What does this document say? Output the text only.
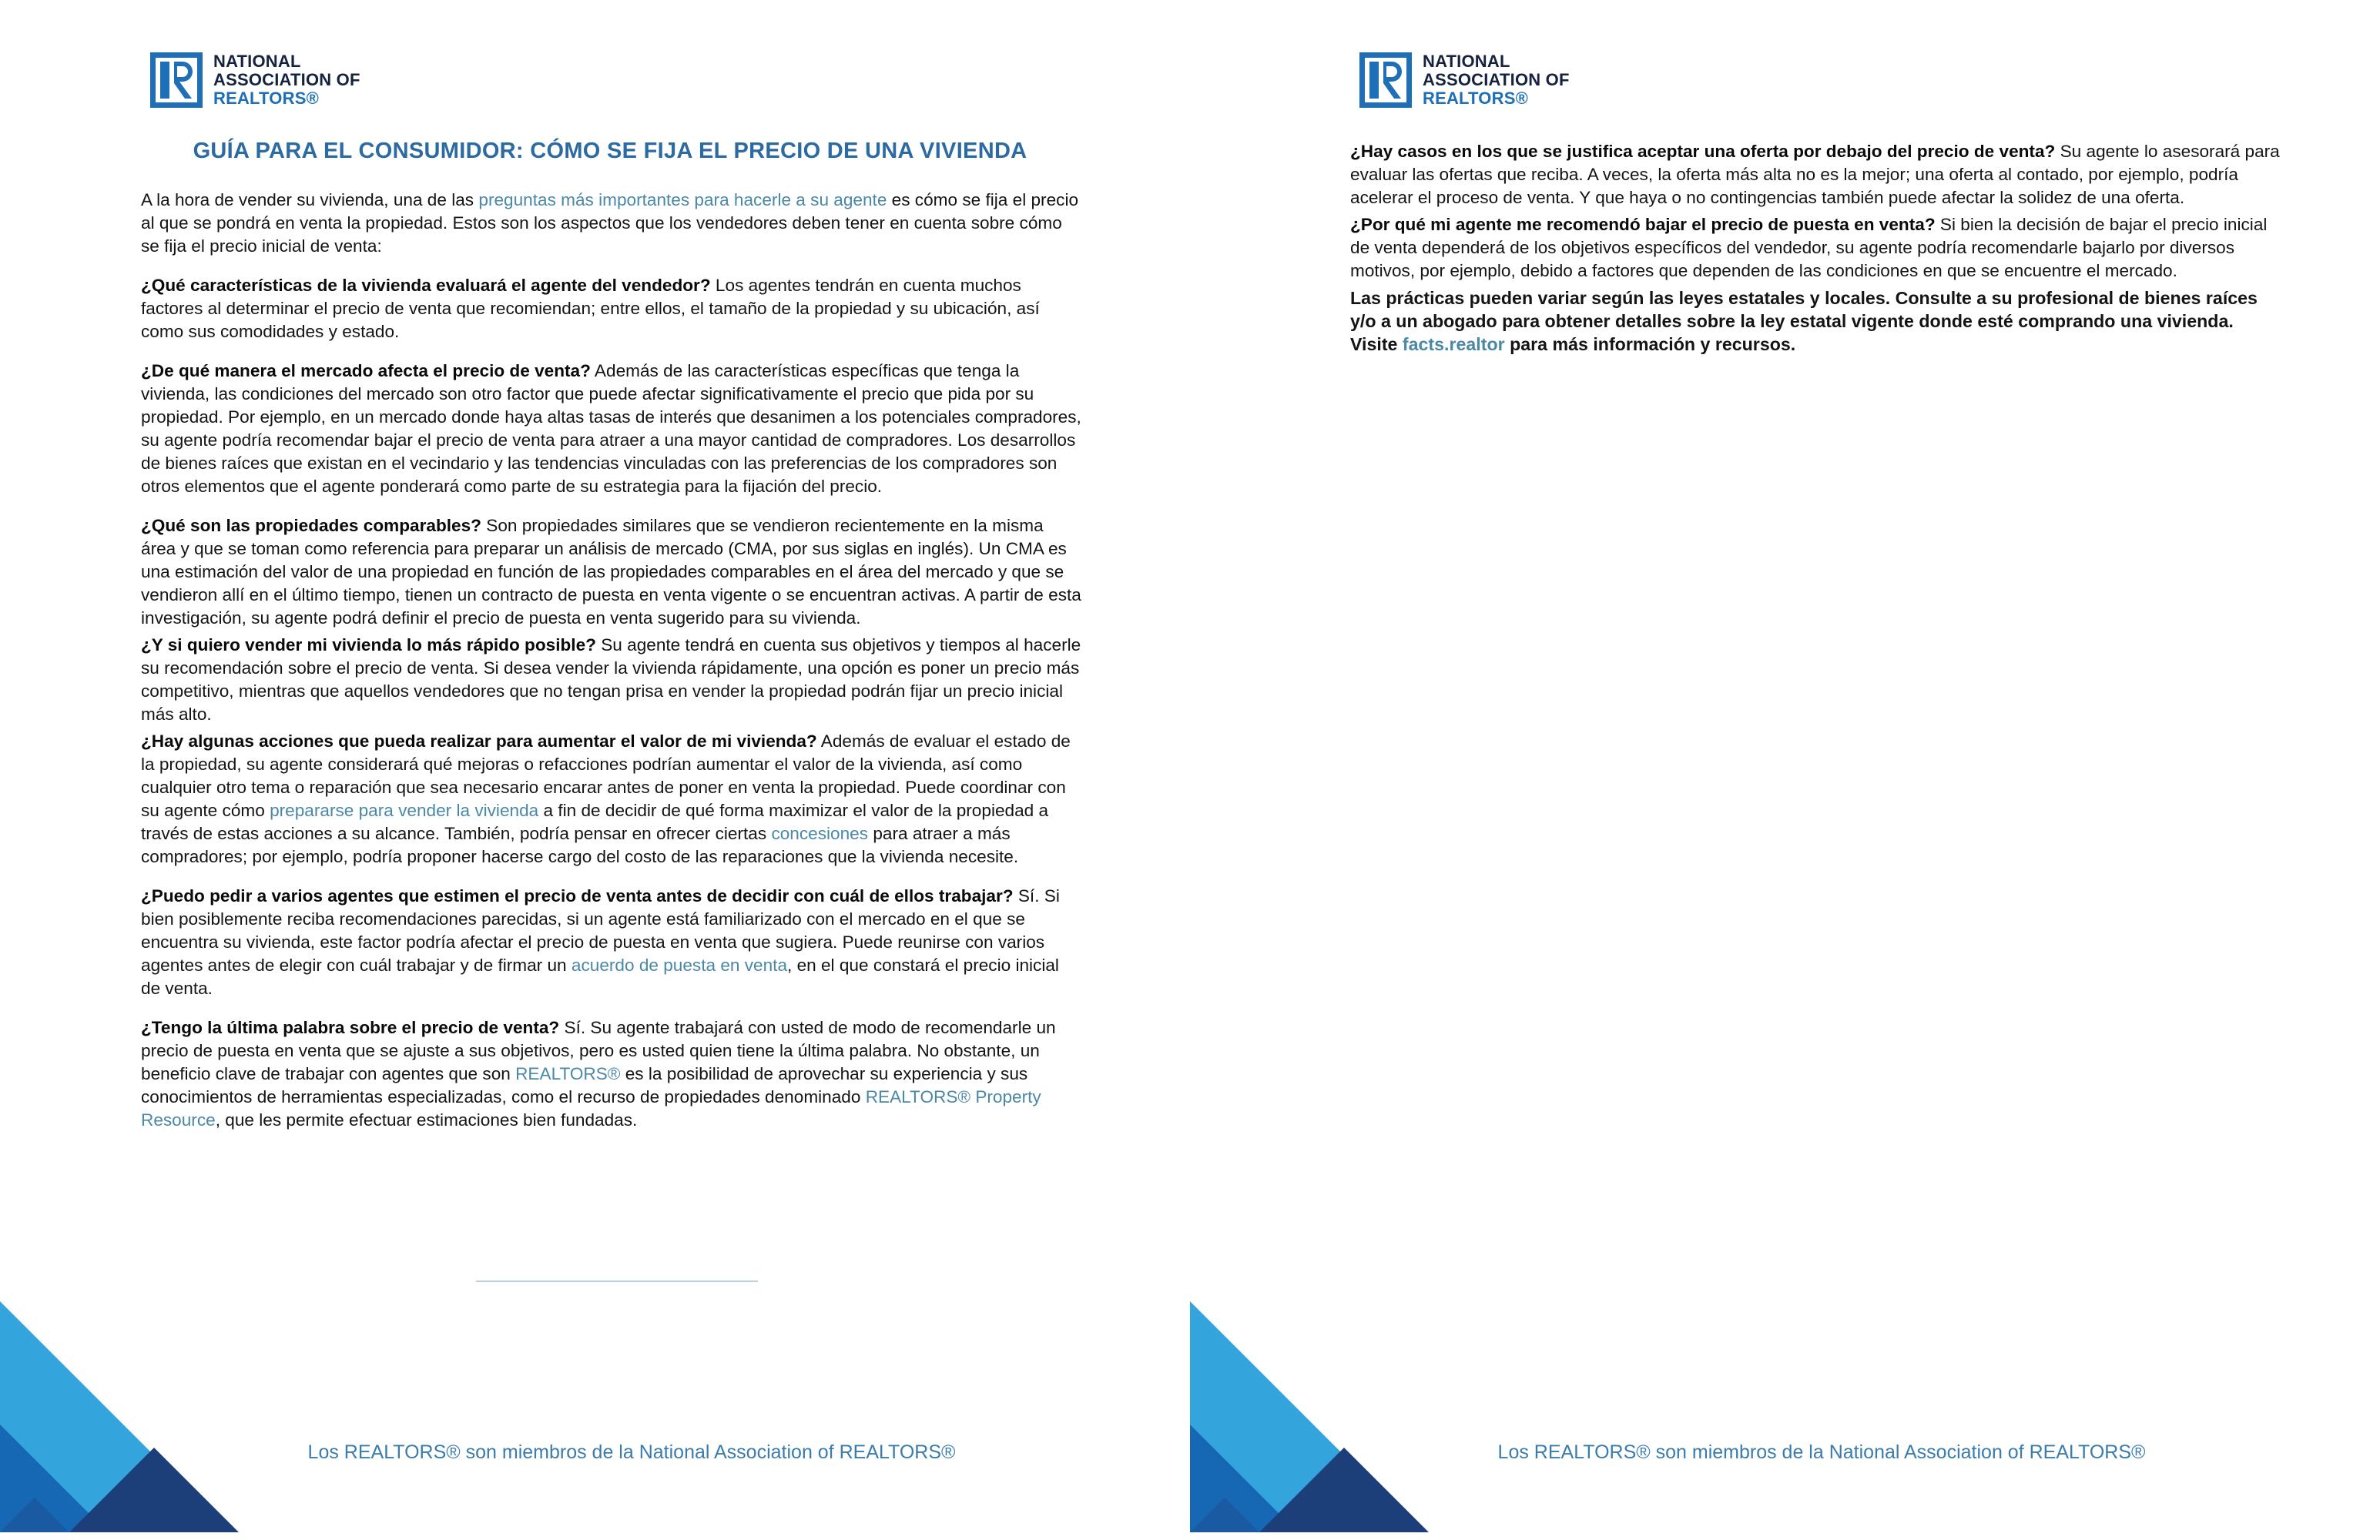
NATIONAL
ASSOCIATION OF
REALTORS®
GUÍA PARA EL CONSUMIDOR: CÓMO SE FIJA EL PRECIO DE UNA VIVIENDA

A la hora de vender su vivienda, una de las preguntas más importantes para hacerle a su agente es cómo se fija el precio al que se pondrá en venta la propiedad. Estos son los aspectos que los vendedores deben tener en cuenta sobre cómo se fija el precio inicial de venta:

¿Qué características de la vivienda evaluará el agente del vendedor? Los agentes tendrán en cuenta muchos factores al determinar el precio de venta que recomiendan; entre ellos, el tamaño de la propiedad y su ubicación, así como sus comodidades y estado.

¿De qué manera el mercado afecta el precio de venta? Además de las características específicas que tenga la vivienda, las condiciones del mercado son otro factor que puede afectar significativamente el precio que pida por su propiedad. Por ejemplo, en un mercado donde haya altas tasas de interés que desanimen a los potenciales compradores, su agente podría recomendar bajar el precio de venta para atraer a una mayor cantidad de compradores. Los desarrollos de bienes raíces que existan en el vecindario y las tendencias vinculadas con las preferencias de los compradores son otros elementos que el agente ponderará como parte de su estrategia para la fijación del precio.

¿Qué son las propiedades comparables? Son propiedades similares que se vendieron recientemente en la misma área y que se toman como referencia para preparar un análisis de mercado (CMA, por sus siglas en inglés). Un CMA es una estimación del valor de una propiedad en función de las propiedades comparables en el área del mercado y que se vendieron allí en el último tiempo, tienen un contracto de puesta en venta vigente o se encuentran activas. A partir de esta investigación, su agente podrá definir el precio de puesta en venta sugerido para su vivienda.

¿Y si quiero vender mi vivienda lo más rápido posible? Su agente tendrá en cuenta sus objetivos y tiempos al hacerle su recomendación sobre el precio de venta. Si desea vender la vivienda rápidamente, una opción es poner un precio más competitivo, mientras que aquellos vendedores que no tengan prisa en vender la propiedad podrán fijar un precio inicial más alto.

¿Hay algunas acciones que pueda realizar para aumentar el valor de mi vivienda? Además de evaluar el estado de la propiedad, su agente considerará qué mejoras o refacciones podrían aumentar el valor de la vivienda, así como cualquier otro tema o reparación que sea necesario encarar antes de poner en venta la propiedad. Puede coordinar con su agente cómo prepararse para vender la vivienda a fin de decidir de qué forma maximizar el valor de la propiedad a través de estas acciones a su alcance. También, podría pensar en ofrecer ciertas concesiones para atraer a más compradores; por ejemplo, podría proponer hacerse cargo del costo de las reparaciones que la vivienda necesite.

¿Puedo pedir a varios agentes que estimen el precio de venta antes de decidir con cuál de ellos trabajar? Sí. Si bien posiblemente reciba recomendaciones parecidas, si un agente está familiarizado con el mercado en el que se encuentra su vivienda, este factor podría afectar el precio de puesta en venta que sugiera. Puede reunirse con varios agentes antes de elegir con cuál trabajar y de firmar un acuerdo de puesta en venta, en el que constará el precio inicial de venta.

¿Tengo la última palabra sobre el precio de venta? Sí. Su agente trabajará con usted de modo de recomendarle un precio de puesta en venta que se ajuste a sus objetivos, pero es usted quien tiene la última palabra. No obstante, un beneficio clave de trabajar con agentes que son REALTORS® es la posibilidad de aprovechar su experiencia y sus conocimientos de herramientas especializadas, como el recurso de propiedades denominado REALTORS® Property Resource, que les permite efectuar estimaciones bien fundadas.

Los REALTORS® son miembros de la National Association of REALTORS®
NATIONAL
ASSOCIATION OF
REALTORS®

¿Hay casos en los que se justifica aceptar una oferta por debajo del precio de venta? Su agente lo asesorará para evaluar las ofertas que reciba. A veces, la oferta más alta no es la mejor; una oferta al contado, por ejemplo, podría acelerar el proceso de venta. Y que haya o no contingencias también puede afectar la solidez de una oferta.

¿Por qué mi agente me recomendó bajar el precio de puesta en venta? Si bien la decisión de bajar el precio inicial de venta dependerá de los objetivos específicos del vendedor, su agente podría recomendarle bajarlo por diversos motivos, por ejemplo, debido a factores que dependen de las condiciones en que se encuentre el mercado.

Las prácticas pueden variar según las leyes estatales y locales. Consulte a su profesional de bienes raíces y/o a un abogado para obtener detalles sobre la ley estatal vigente donde esté comprando una vivienda. Visite facts.realtor para más información y recursos.

Los REALTORS® son miembros de la National Association of REALTORS®
